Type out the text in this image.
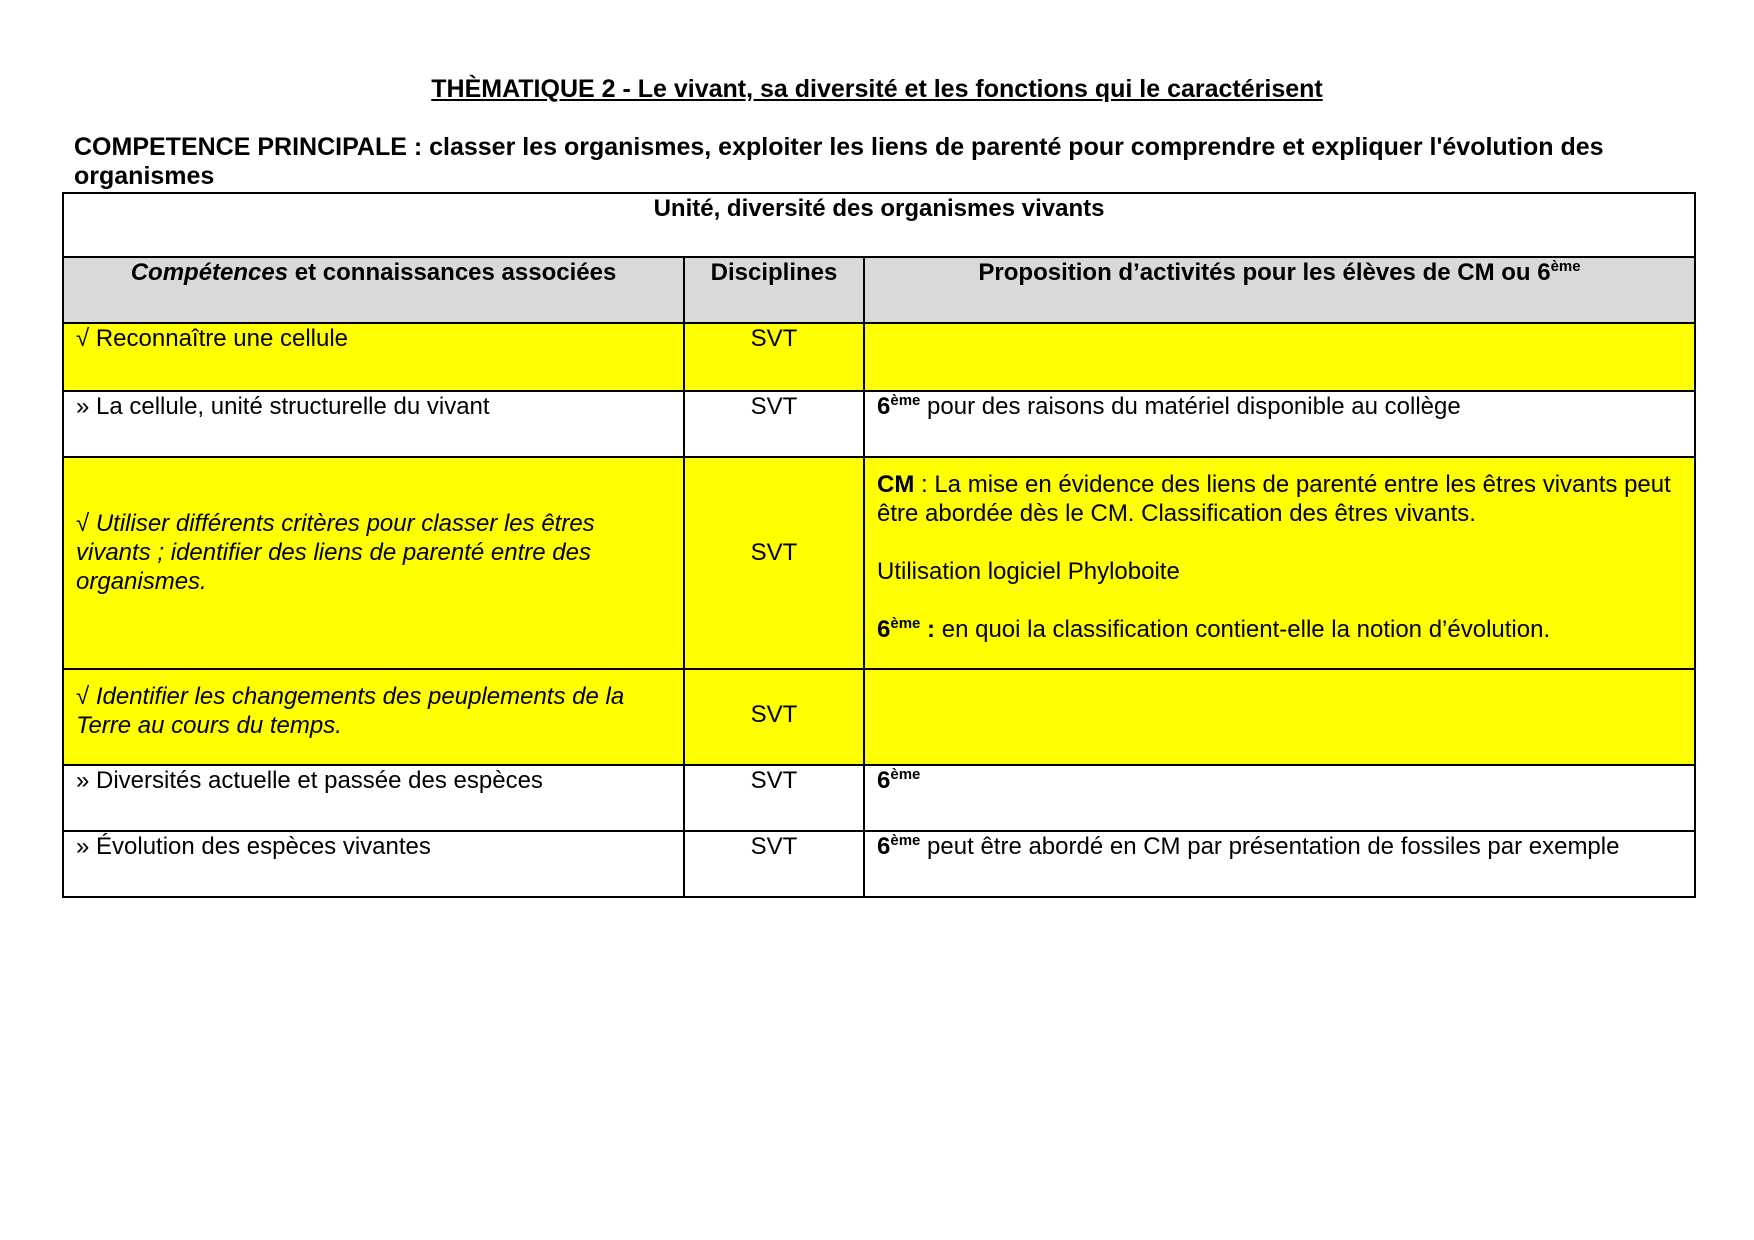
THÈMATIQUE 2 - Le vivant, sa diversité et les fonctions qui le caractérisent
COMPETENCE PRINCIPALE : classer les organismes, exploiter les liens de parenté pour comprendre et expliquer l'évolution des organismes
Unité, diversité des organismes vivants		
Compétences et connaissances associées	Disciplines	Proposition d’activités pour les élèves de CM ou 6ème
√ Reconnaître une cellule	SVT	
» La cellule, unité structurelle du vivant	SVT	6ème pour des raisons du matériel disponible au collège
√ Utiliser différents critères pour classer les êtres vivants ; identifier des liens de parenté entre des organismes.	SVT	CM : La mise en évidence des liens de parenté entre les êtres vivants peut être abordée dès le CM. Classification des êtres vivants.
Utilisation logiciel Phyloboite
6ème : en quoi la classification contient-elle la notion d’évolution.

√ Identifier les changements des peuplements de la Terre au cours du temps.	SVT	
» Diversités actuelle et passée des espèces	SVT	6ème
» Évolution des espèces vivantes	SVT	6ème peut être abordé en CM par présentation de fossiles par exemple
